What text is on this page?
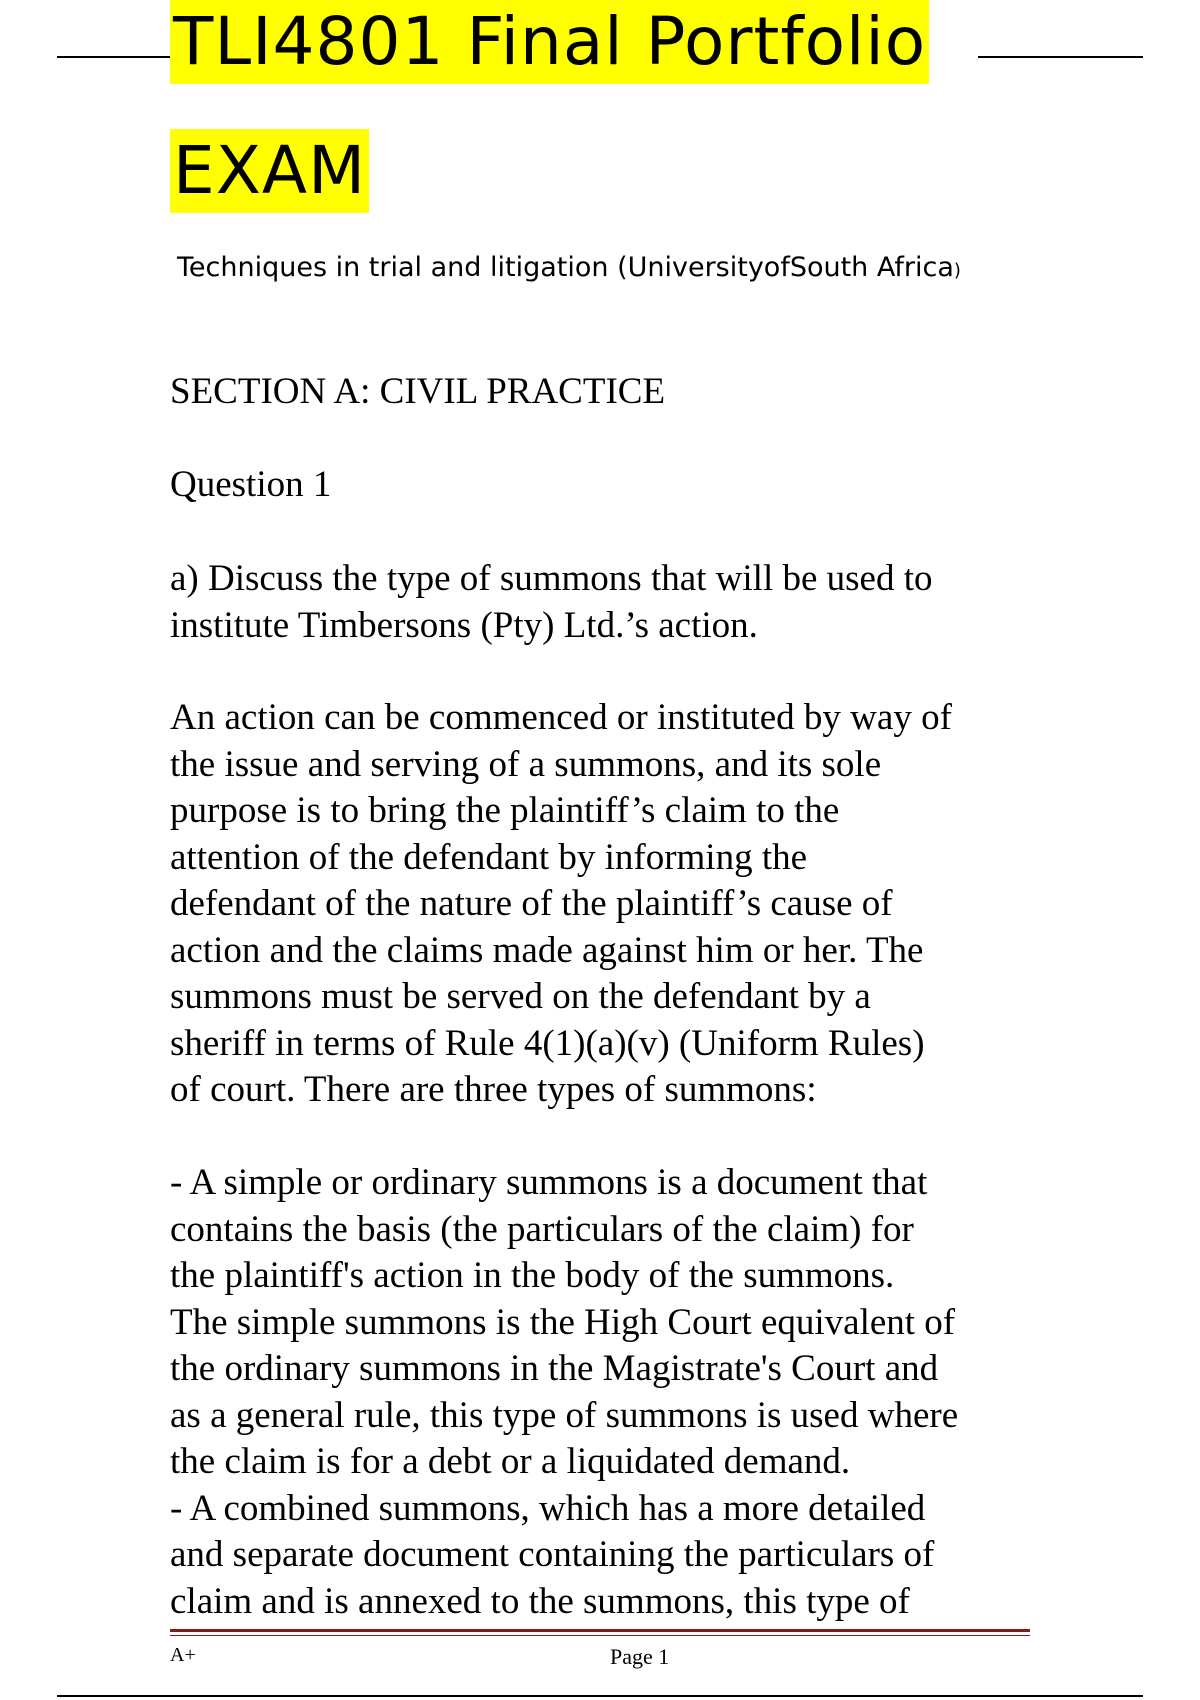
TLI4801 Final Portfolio
EXAM
Techniques in trial and litigation (UniversityofSouth Africa)
SECTION A: CIVIL PRACTICE
Question 1
a) Discuss the type of summons that will be used to
institute Timbersons (Pty) Ltd.’s action.
An action can be commenced or instituted by way of
the issue and serving of a summons, and its sole
purpose is to bring the plaintiff’s claim to the
attention of the defendant by informing the
defendant of the nature of the plaintiff’s cause of
action and the claims made against him or her. The
summons must be served on the defendant by a
sheriff in terms of Rule 4(1)(a)(v) (Uniform Rules)
of court. There are three types of summons:
- A simple or ordinary summons is a document that
contains the basis (the particulars of the claim) for
the plaintiff's action in the body of the summons.
The simple summons is the High Court equivalent of
the ordinary summons in the Magistrate's Court and
as a general rule, this type of summons is used where
the claim is for a debt or a liquidated demand.
- A combined summons, which has a more detailed
and separate document containing the particulars of
claim and is annexed to the summons, this type of
A+	Page 1
